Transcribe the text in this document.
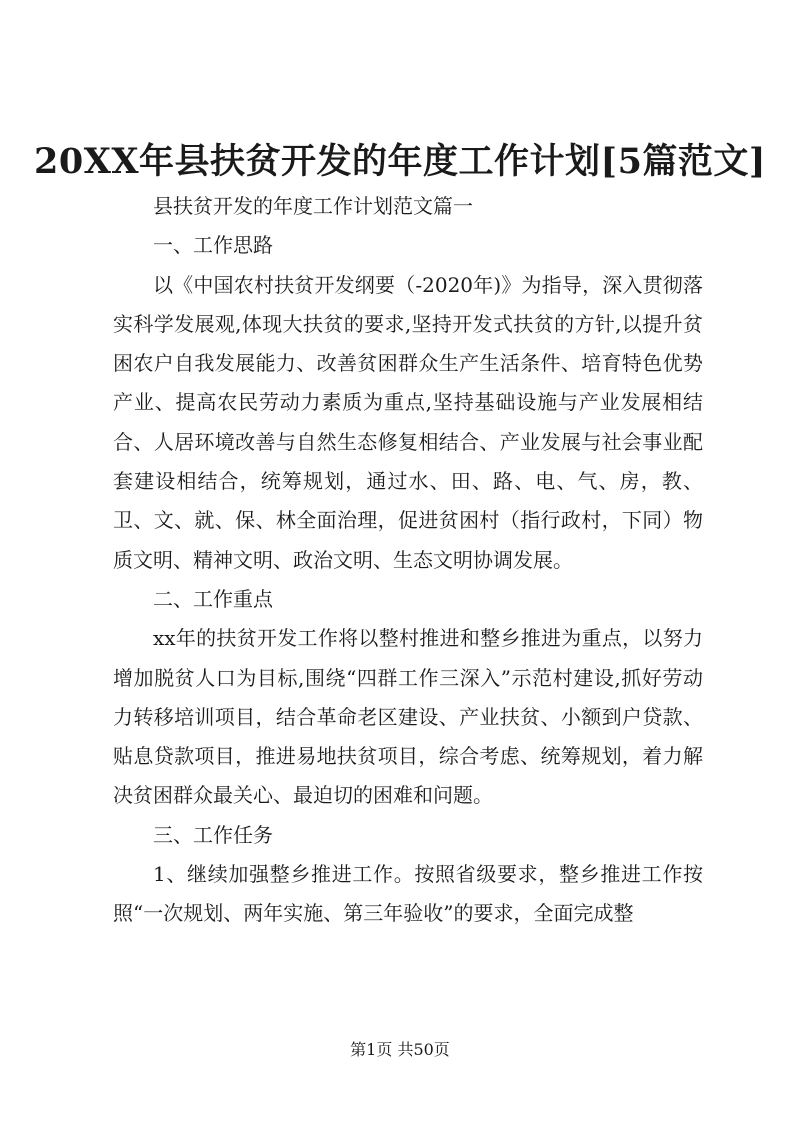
20XX年县扶贫开发的年度工作计划[5篇范文]

县扶贫开发的年度工作计划范文篇一

一、工作思路

以《中国农村扶贫开发纲要（-2020年)》为指导，深入贯彻落实科学发展观,体现大扶贫的要求,坚持开发式扶贫的方针,以提升贫困农户自我发展能力、改善贫困群众生产生活条件、培育特色优势产业、提高农民劳动力素质为重点,坚持基础设施与产业发展相结合、人居环境改善与自然生态修复相结合、产业发展与社会事业配套建设相结合，统筹规划，通过水、田、路、电、气、房，教、卫、文、就、保、林全面治理，促进贫困村（指行政村，下同）物质文明、精神文明、政治文明、生态文明协调发展。

二、工作重点

xx年的扶贫开发工作将以整村推进和整乡推进为重点，以努力增加脱贫人口为目标,围绕“四群工作三深入”示范村建设,抓好劳动力转移培训项目，结合革命老区建设、产业扶贫、小额到户贷款、贴息贷款项目，推进易地扶贫项目，综合考虑、统筹规划，着力解决贫困群众最关心、最迫切的困难和问题。

三、工作任务

1、继续加强整乡推进工作。按照省级要求，整乡推进工作按照“一次规划、两年实施、第三年验收”的要求，全面完成整

第1页 共50页
